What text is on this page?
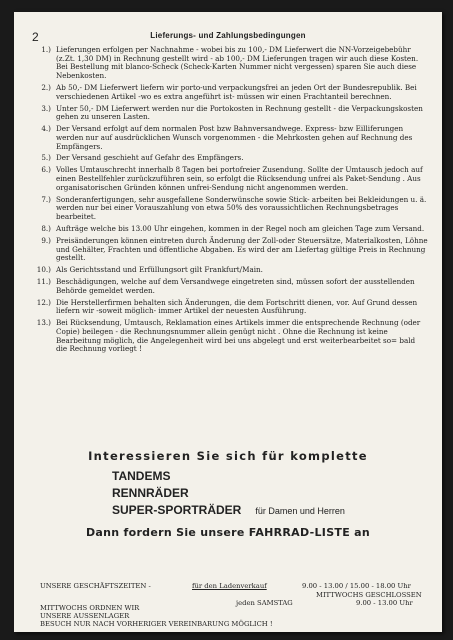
2	Lieferungs- und Zahlungsbedingungen
1.) Lieferungen erfolgen per Nachnahme - wobei bis zu 100,- DM Lieferwert die NN-Vorzeigebebühr (z.Zt. 1,30 DM) in Rechnung gestellt wird - ab 100,- DM Lieferungen tragen wir auch diese Kosten. Bei Bestellung mit blanco-Scheck (Scheck-Karten Nummer nicht vergessen) sparen Sie auch diese Nebenkosten.
2.) Ab 50,- DM Lieferwert liefern wir porto-und verpackungsfrei an jeden Ort der Bundesrepublik. Bei verschiedenen Artikel -wo es extra angeführt ist- müssen wir einen Frachtanteil berechnen.
3.) Unter 50,- DM Lieferwert werden nur die Portokosten in Rechnung gestellt - die Verpackungskosten gehen zu unseren Lasten.
4.) Der Versand erfolgt auf dem normalen Post bzw Bahnversandwege. Express- bzw Eilliferungen werden nur auf ausdrücklichen Wunsch vorgenommen - die Mehrkosten gehen auf Rechnung des Empfängers.
5.) Der Versand geschieht auf Gefahr des Empfängers.
6.) Volles Umtauschrecht innerhalb 8 Tagen bei portofreier Zusendung. Sollte der Umtausch jedoch auf einen Bestellfehler zurückzuführen sein, so erfolgt die Rücksendung unfrei als Paket-Sendung . Aus organisatorischen Gründen können unfrei-Sendung nicht angenommen werden.
7.) Sonderanfertigungen, sehr ausgefallene Sonderwünsche sowie Stick- arbeiten bei Bekleidungen u. ä. werden nur bei einer Vorauszahlung von etwa 50% des voraussichtlichen Rechnungsbetrages bearbeitet.
8.) Aufträge welche bis 13.00 Uhr eingehen, kommen in der Regel noch am gleichen Tage zum Versand.
9.) Preisänderungen können eintreten durch Änderung der Zoll-oder Steuersätze, Materialkosten, Löhne und Gehälter, Frachten und öffentliche Abgaben. Es wird der am Liefertag gültige Preis in Rechnung gestellt.
10.) Als Gerichtsstand und Erfüllungsort gilt Frankfurt/Main.
11.) Beschädigungen, welche auf dem Versandwege eingetreten sind, müssen sofort der ausstellenden Behörde gemeldet werden.
12.) Die Herstellerfirmen behalten sich Änderungen, die dem Fortschritt dienen, vor. Auf Grund dessen liefern wir -soweit möglich- immer Artikel der neuesten Ausführung.
13.) Bei Rücksendung, Umtausch, Reklamation eines Artikels immer die entsprechende Rechnung (oder Copie) beilegen - die Rechnungsnummer allein genügt nicht . Ohne die Rechnung ist keine Bearbeitung möglich, die Angelegenheit wird bei uns abgelegt und erst weiterbearbeitet so= bald die Rechnung vorliegt !
Interessieren Sie sich für komplette
TANDEMS
RENNRÄDER
SUPER-SPORTRÄDER für Damen und Herren
Dann fordern Sie unsere FAHRRAD-LISTE an
UNSERE GESCHÄFTSZEITEN -	für den Ladenverkauf	9.00 - 13.00 / 15.00 - 18.00 Uhr
MITTWOCHS GESCHLOSSEN
jeden SAMSTAG	9.00 - 13.00 Uhr
MITTWOCHS ORDNEN WIR
UNSERE AUSSENLAGER
BESUCH NUR NACH VORHERIGER VEREINBARUNG MÖGLICH !
